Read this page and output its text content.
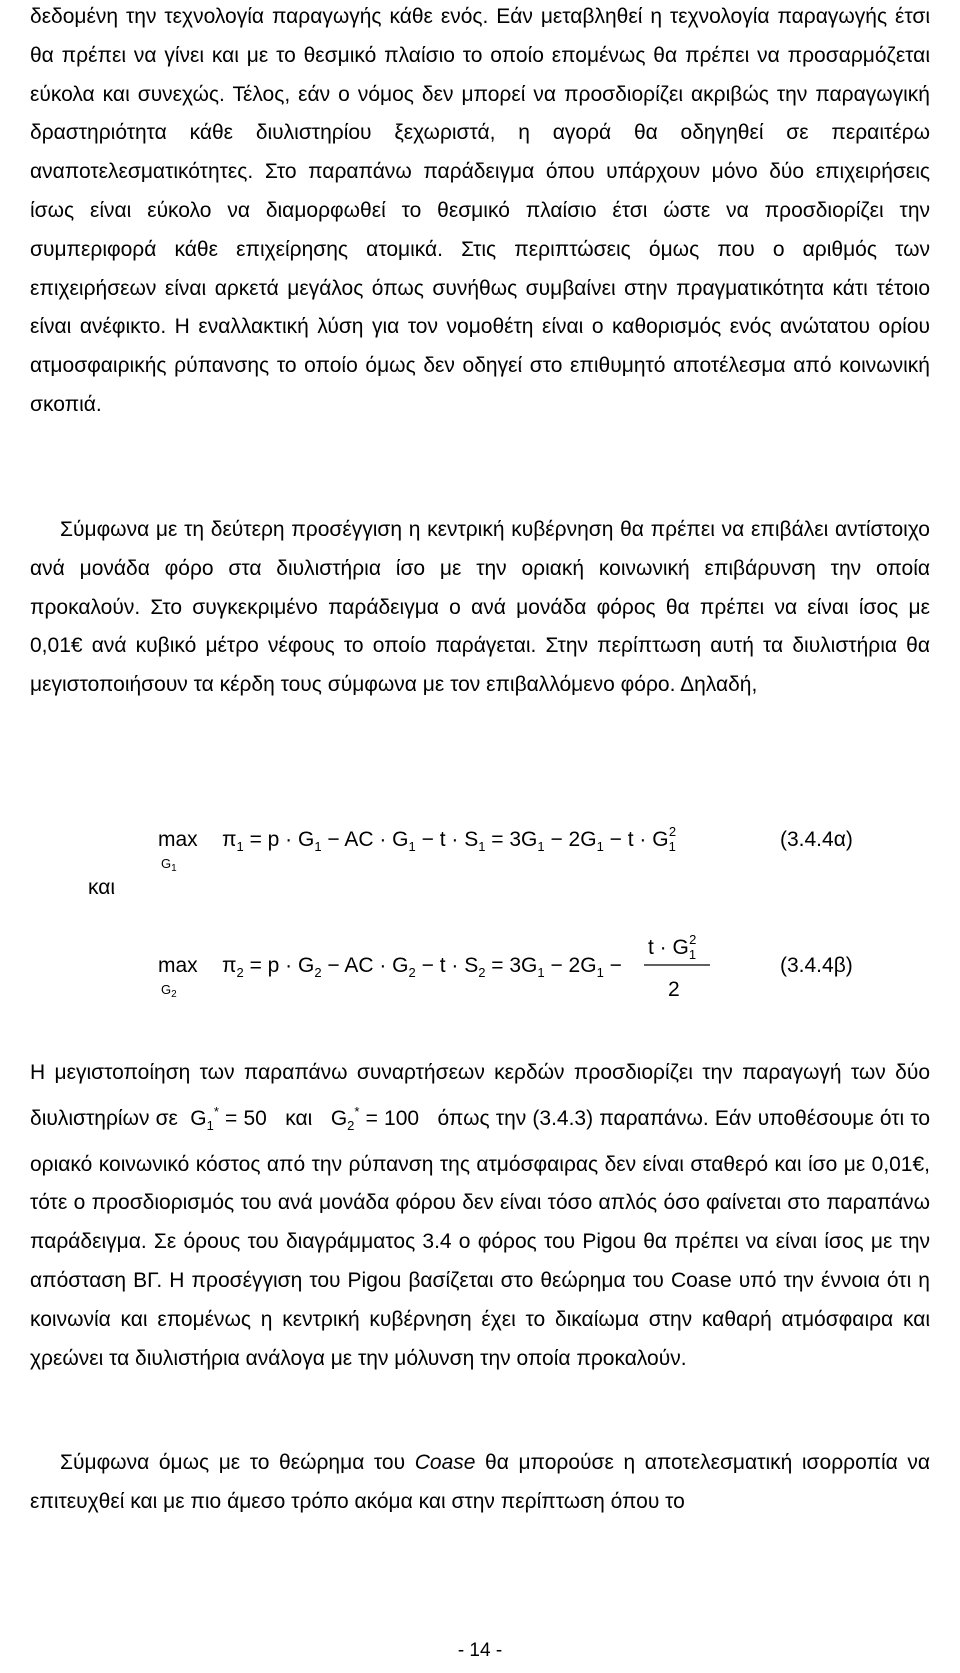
δεδομένη την τεχνολογία παραγωγής κάθε ενός. Εάν μεταβληθεί η τεχνολογία παραγωγής έτσι θα πρέπει να γίνει και με το θεσμικό πλαίσιο το οποίο επομένως θα πρέπει να προσαρμόζεται εύκολα και συνεχώς. Τέλος, εάν ο νόμος δεν μπορεί να προσδιορίζει ακριβώς την παραγωγική δραστηριότητα κάθε διυλιστηρίου ξεχωριστά, η αγορά θα οδηγηθεί σε περαιτέρω αναποτελεσματικότητες. Στο παραπάνω παράδειγμα όπου υπάρχουν μόνο δύο επιχειρήσεις ίσως είναι εύκολο να διαμορφωθεί το θεσμικό πλαίσιο έτσι ώστε να προσδιορίζει την συμπεριφορά κάθε επιχείρησης ατομικά. Στις περιπτώσεις όμως που ο αριθμός των επιχειρήσεων είναι αρκετά μεγάλος όπως συνήθως συμβαίνει στην πραγματικότητα κάτι τέτοιο είναι ανέφικτο. Η εναλλακτική λύση για τον νομοθέτη είναι ο καθορισμός ενός ανώτατου ορίου ατμοσφαιρικής ρύπανσης το οποίο όμως δεν οδηγεί στο επιθυμητό αποτέλεσμα από κοινωνική σκοπιά.

Σύμφωνα με τη δεύτερη προσέγγιση η κεντρική κυβέρνηση θα πρέπει να επιβάλει αντίστοιχο ανά μονάδα φόρο στα διυλιστήρια ίσο με την οριακή κοινωνική επιβάρυνση την οποία προκαλούν. Στο συγκεκριμένο παράδειγμα ο ανά μονάδα φόρος θα πρέπει να είναι ίσος με 0,01€ ανά κυβικό μέτρο νέφους το οποίο παράγεται. Στην περίπτωση αυτή τα διυλιστήρια θα μεγιστοποιήσουν τα κέρδη τους σύμφωνα με τον επιβαλλόμενο φόρο. Δηλαδή,

max
$G_1$
$\pi_1 = p \cdot G_1$ − AC · $G_1 - t \cdot S_1 = 3G_1 - 2G_1 - t \cdot G_12$	(3.4.4α)
και
max
$G_2$
$\pi_2 = p \cdot G_2$ − AC · $G_2 - t \cdot S_2 = 3G_1 - 2G_1$ −
$t \cdot G_12$
2
(3.4.4β)

Η μεγιστοποίηση των παραπάνω συναρτήσεων κερδών προσδιορίζει την παραγωγή των δύο διυλιστηρίων σε $G_1^* = 50$ και $G_2^* = 100$ όπως την (3.4.3) παραπάνω. Εάν υποθέσουμε ότι το οριακό κοινωνικό κόστος από την ρύπανση της ατμόσφαιρας δεν είναι σταθερό και ίσο με 0,01€, τότε ο προσδιορισμός του ανά μονάδα φόρου δεν είναι τόσο απλός όσο φαίνεται στο παραπάνω παράδειγμα. Σε όρους του διαγράμματος 3.4 ο φόρος του Pigou θα πρέπει να είναι ίσος με την απόσταση ΒΓ. Η προσέγγιση του Pigou βασίζεται στο θεώρημα του Coase υπό την έννοια ότι η κοινωνία και επομένως η κεντρική κυβέρνηση έχει το δικαίωμα στην καθαρή ατμόσφαιρα και χρεώνει τα διυλιστήρια ανάλογα με την μόλυνση την οποία προκαλούν.

Σύμφωνα όμως με το θεώρημα του Coase θα μπορούσε η αποτελεσματική ισορροπία να επιτευχθεί και με πιο άμεσο τρόπο ακόμα και στην περίπτωση όπου το

- 14 -
